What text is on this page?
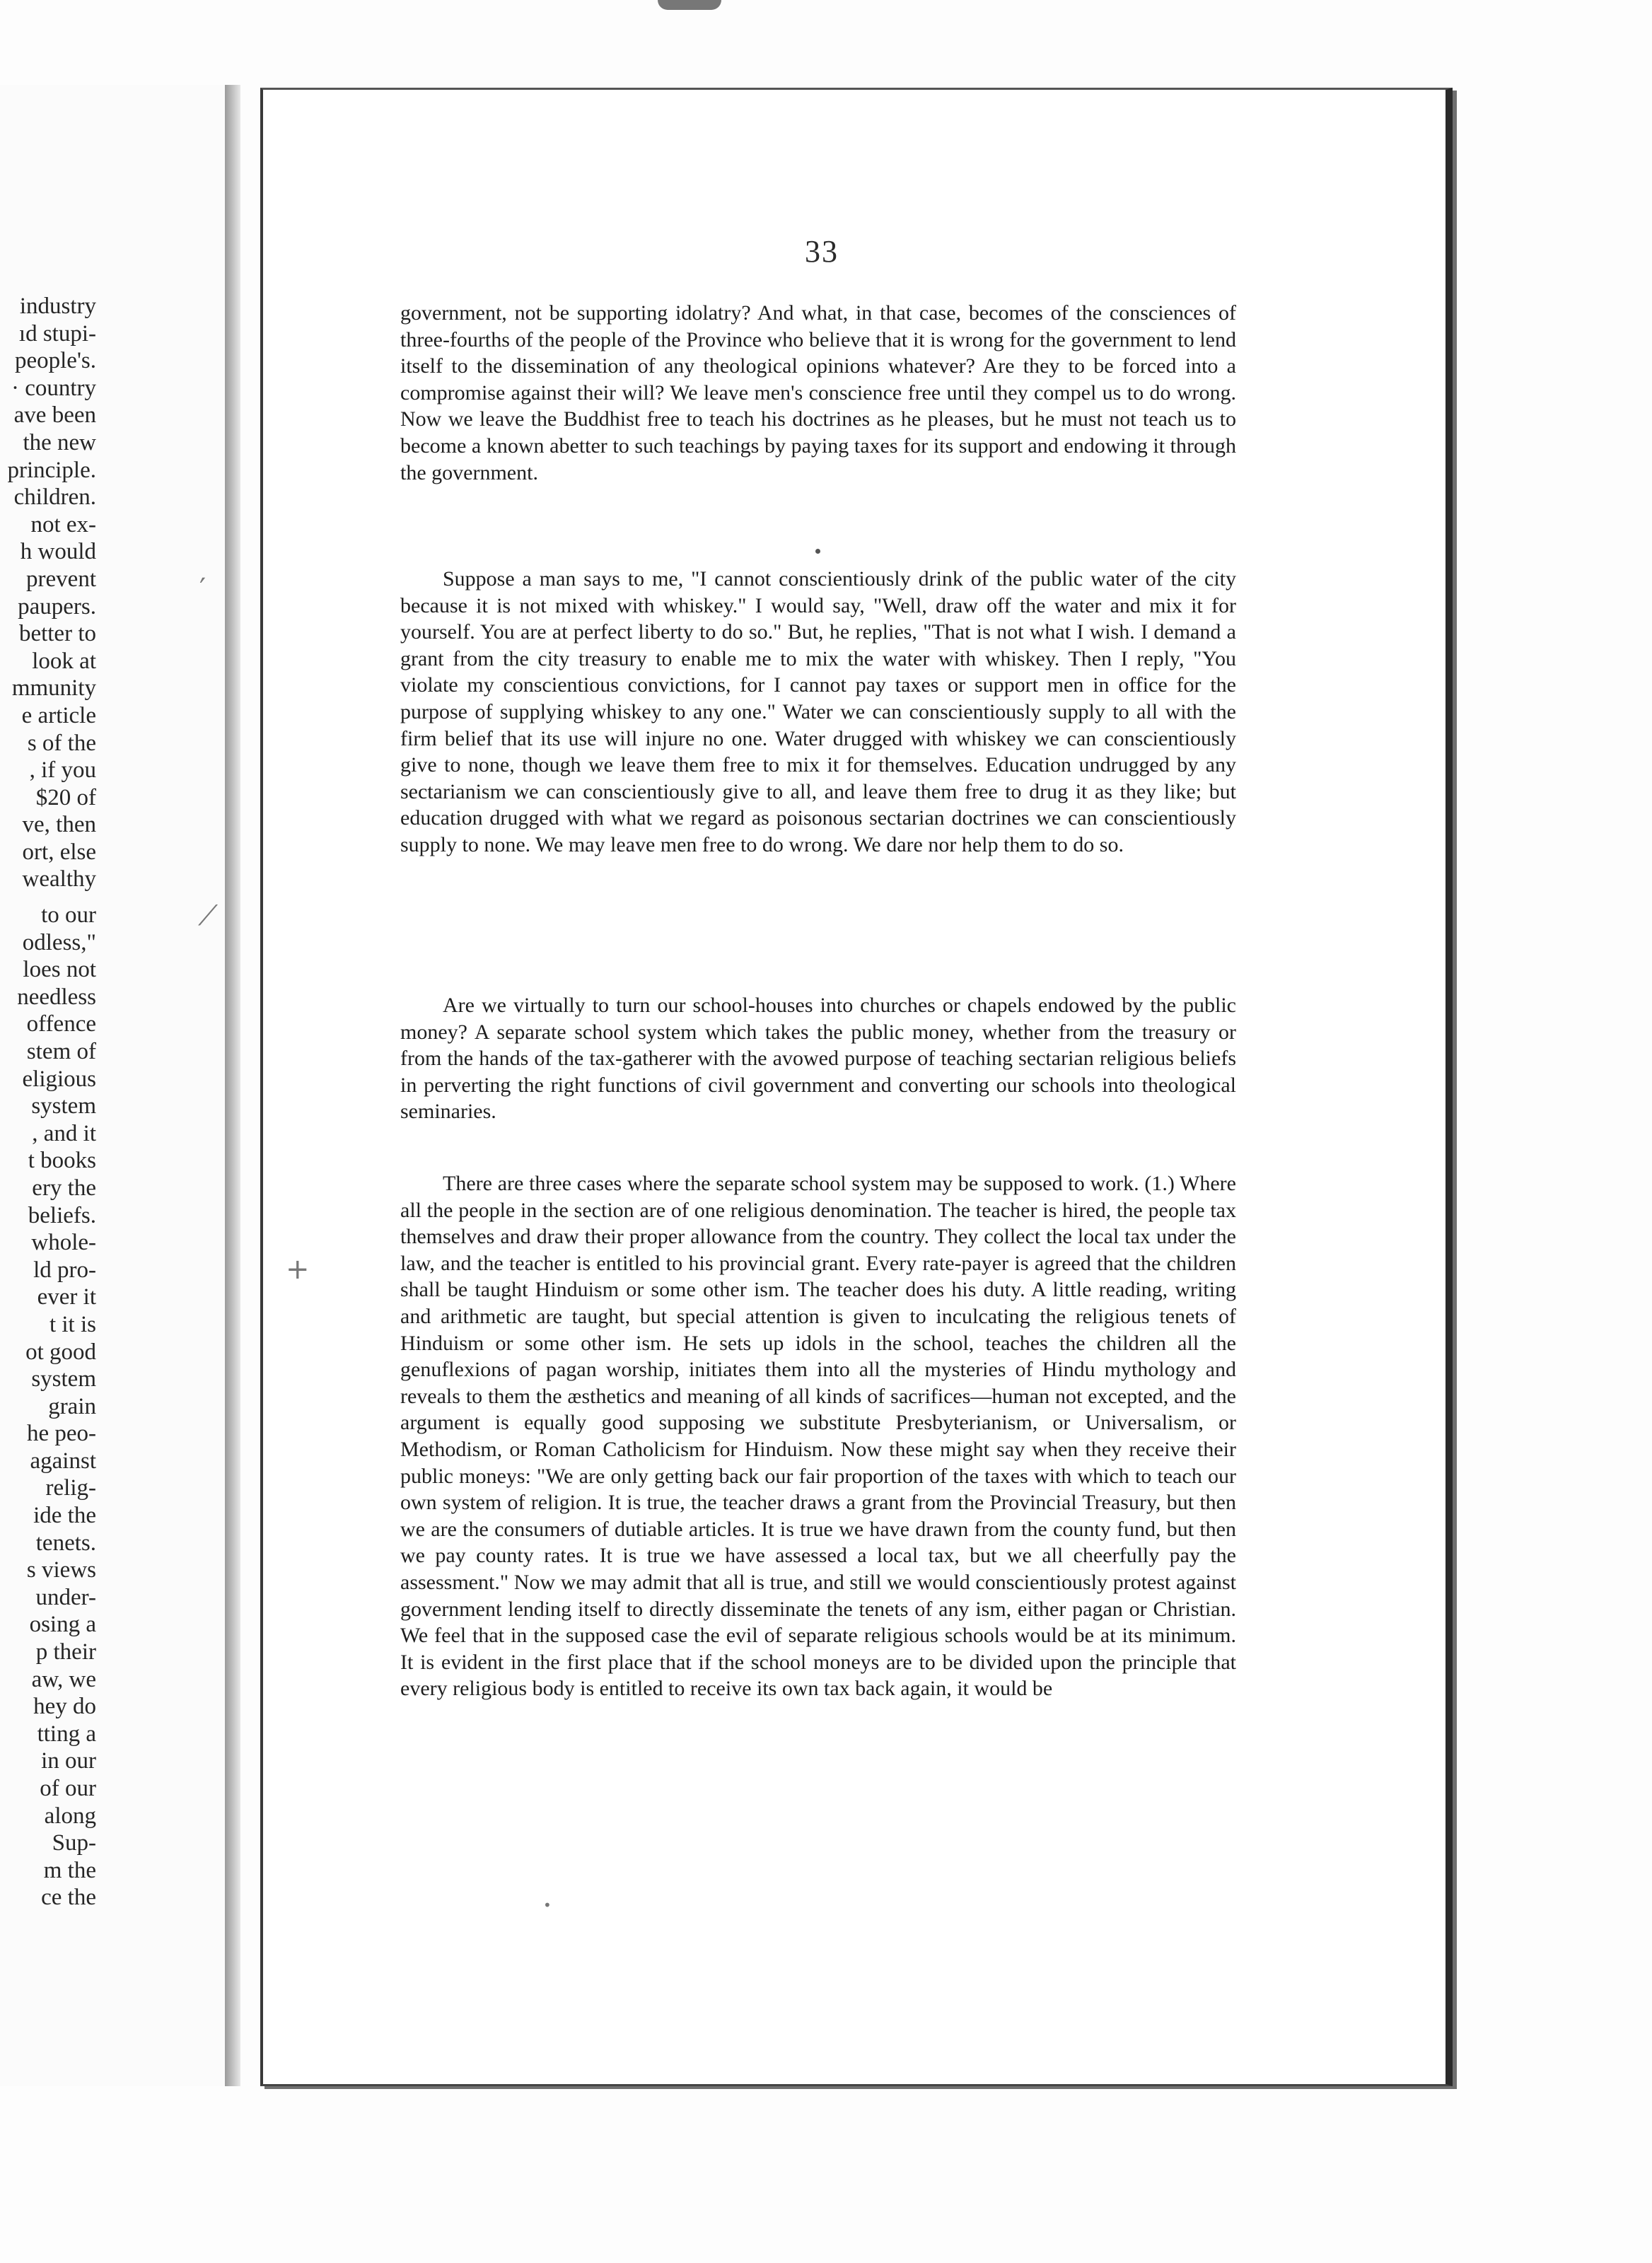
industry
ıd stupi-
people's.
· country
ave been
the new
principle.
children.
not ex-
h would
prevent
paupers.
better to
look at
mmunity
e article
s of the
, if you
$20 of
ve, then
ort, else
wealthy
to our
odless,"
loes not
needless
offence
stem of
eligious
system
, and it
t books
ery the
beliefs.
whole-
ld pro-
ever it
t it is
ot good
system
grain
he peo-
against
relig-
ide the
tenets.
s views
under-
osing a
p their
aw, we
hey do
tting a
in our
of our
along
Sup-
m the
ce the
33

government, not be supporting idolatry? And what, in that case, becomes of the consciences of three-fourths of the people of the Province who believe that it is wrong for the government to lend itself to the dissemination of any theological opinions whatever? Are they to be forced into a compromise against their will? We leave men's conscience free until they compel us to do wrong. Now we leave the Buddhist free to teach his doctrines as he pleases, but he must not teach us to become a known abetter to such teachings by paying taxes for its support and endowing it through the government.

Suppose a man says to me, "I cannot conscientiously drink of the public water of the city because it is not mixed with whiskey." I would say, "Well, draw off the water and mix it for yourself. You are at perfect liberty to do so." But, he replies, "That is not what I wish. I demand a grant from the city treasury to enable me to mix the water with whiskey. Then I reply, "You violate my conscientious convictions, for I cannot pay taxes or support men in office for the purpose of supplying whiskey to any one." Water we can conscientiously supply to all with the firm belief that its use will injure no one. Water drugged with whiskey we can conscientiously give to none, though we leave them free to mix it for themselves. Education undrugged by any sectarianism we can conscientiously give to all, and leave them free to drug it as they like; but education drugged with what we regard as poisonous sectarian doctrines we can conscientiously supply to none. We may leave men free to do wrong. We dare nor help them to do so.

Are we virtually to turn our school-houses into churches or chapels endowed by the public money? A separate school system which takes the public money, whether from the treasury or from the hands of the tax-gatherer with the avowed purpose of teaching sectarian religious beliefs in perverting the right functions of civil government and converting our schools into theological seminaries.

There are three cases where the separate school system may be supposed to work. (1.) Where all the people in the section are of one religious denomination. The teacher is hired, the people tax themselves and draw their proper allowance from the country. They collect the local tax under the law, and the teacher is entitled to his provincial grant. Every rate-payer is agreed that the children shall be taught Hinduism or some other ism. The teacher does his duty. A little reading, writing and arithmetic are taught, but special attention is given to inculcating the religious tenets of Hinduism or some other ism. He sets up idols in the school, teaches the children all the genuflexions of pagan worship, initiates them into all the mysteries of Hindu mythology and reveals to them the æsthetics and meaning of all kinds of sacrifices—human not excepted, and the argument is equally good supposing we substitute Presbyterianism, or Universalism, or Methodism, or Roman Catholicism for Hinduism. Now these might say when they receive their public moneys: "We are only getting back our fair proportion of the taxes with which to teach our own system of religion. It is true, the teacher draws a grant from the Provincial Treasury, but then we are the consumers of dutiable articles. It is true we have drawn from the county fund, but then we pay county rates. It is true we have assessed a local tax, but we all cheerfully pay the assessment." Now we may admit that all is true, and still we would conscientiously protest against government lending itself to directly disseminate the tenets of any ism, either pagan or Christian. We feel that in the supposed case the evil of separate religious schools would be at its minimum. It is evident in the first place that if the school moneys are to be divided upon the principle that every religious body is entitled to receive its own tax back again, it would be

′
⟋
+
•
